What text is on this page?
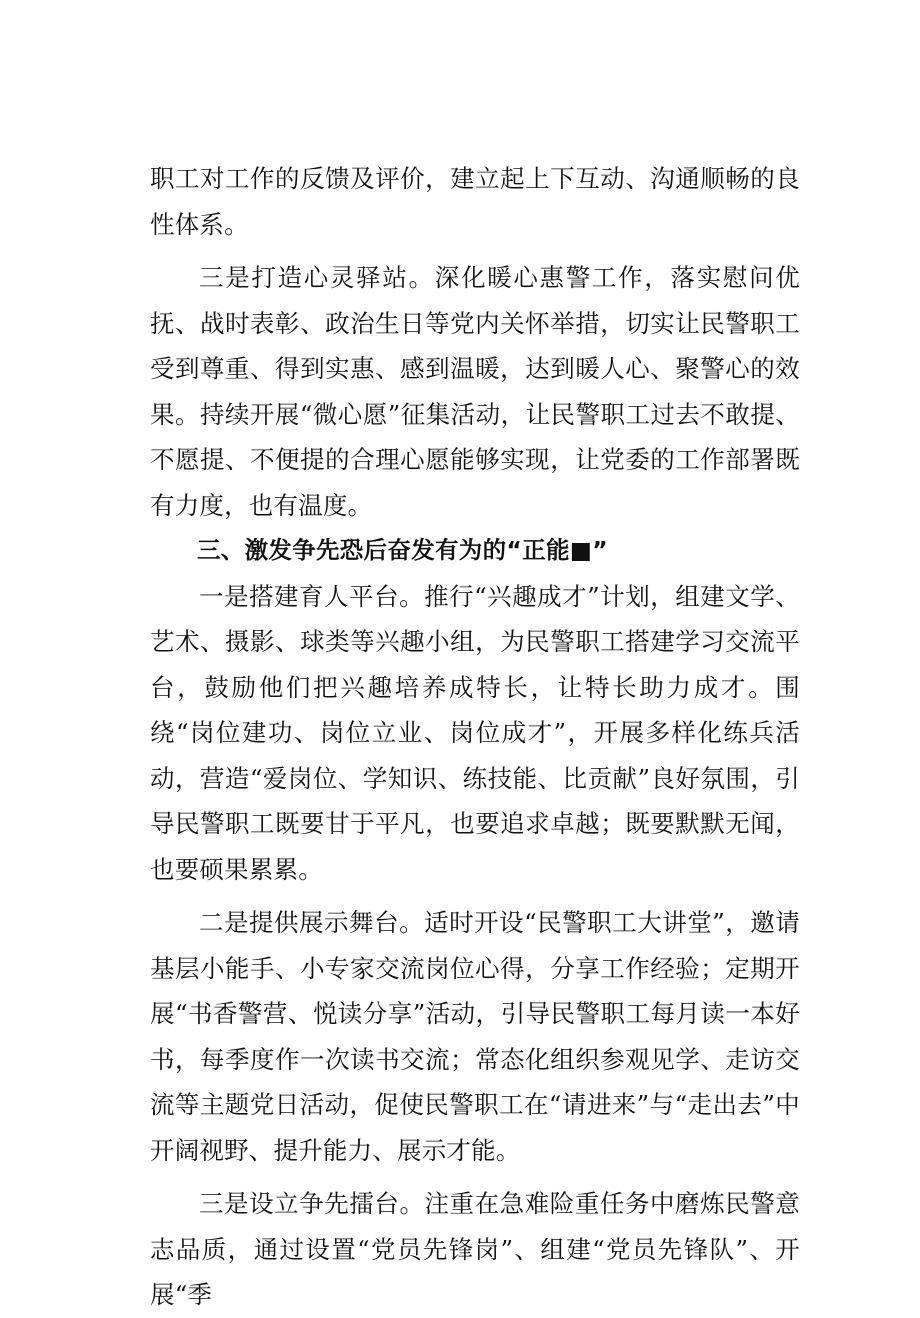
职工对工作的反馈及评价，建立起上下互动、沟通顺畅的良性体系。

三是打造心灵驿站。深化暖心惠警工作，落实慰问优抚、战时表彰、政治生日等党内关怀举措，切实让民警职工受到尊重、得到实惠、感到温暖，达到暖人心、聚警心的效果。持续开展“微心愿”征集活动，让民警职工过去不敢提、不愿提、不便提的合理心愿能够实现，让党委的工作部署既有力度，也有温度。

三、激发争先恐后奋发有为的“正能■”

一是搭建育人平台。推行“兴趣成才”计划，组建文学、艺术、摄影、球类等兴趣小组，为民警职工搭建学习交流平台，鼓励他们把兴趣培养成特长，让特长助力成才。围绕“岗位建功、岗位立业、岗位成才”，开展多样化练兵活动，营造“爱岗位、学知识、练技能、比贡献”良好氛围，引导民警职工既要甘于平凡，也要追求卓越；既要默默无闻，也要硕果累累。

二是提供展示舞台。适时开设“民警职工大讲堂”，邀请基层小能手、小专家交流岗位心得，分享工作经验；定期开展“书香警营、悦读分享”活动，引导民警职工每月读一本好书，每季度作一次读书交流；常态化组织参观见学、走访交流等主题党日活动，促使民警职工在“请进来”与“走出去”中开阔视野、提升能力、展示才能。

三是设立争先擂台。注重在急难险重任务中磨炼民警意志品质，通过设置“党员先锋岗”、组建“党员先锋队”、开展“季
